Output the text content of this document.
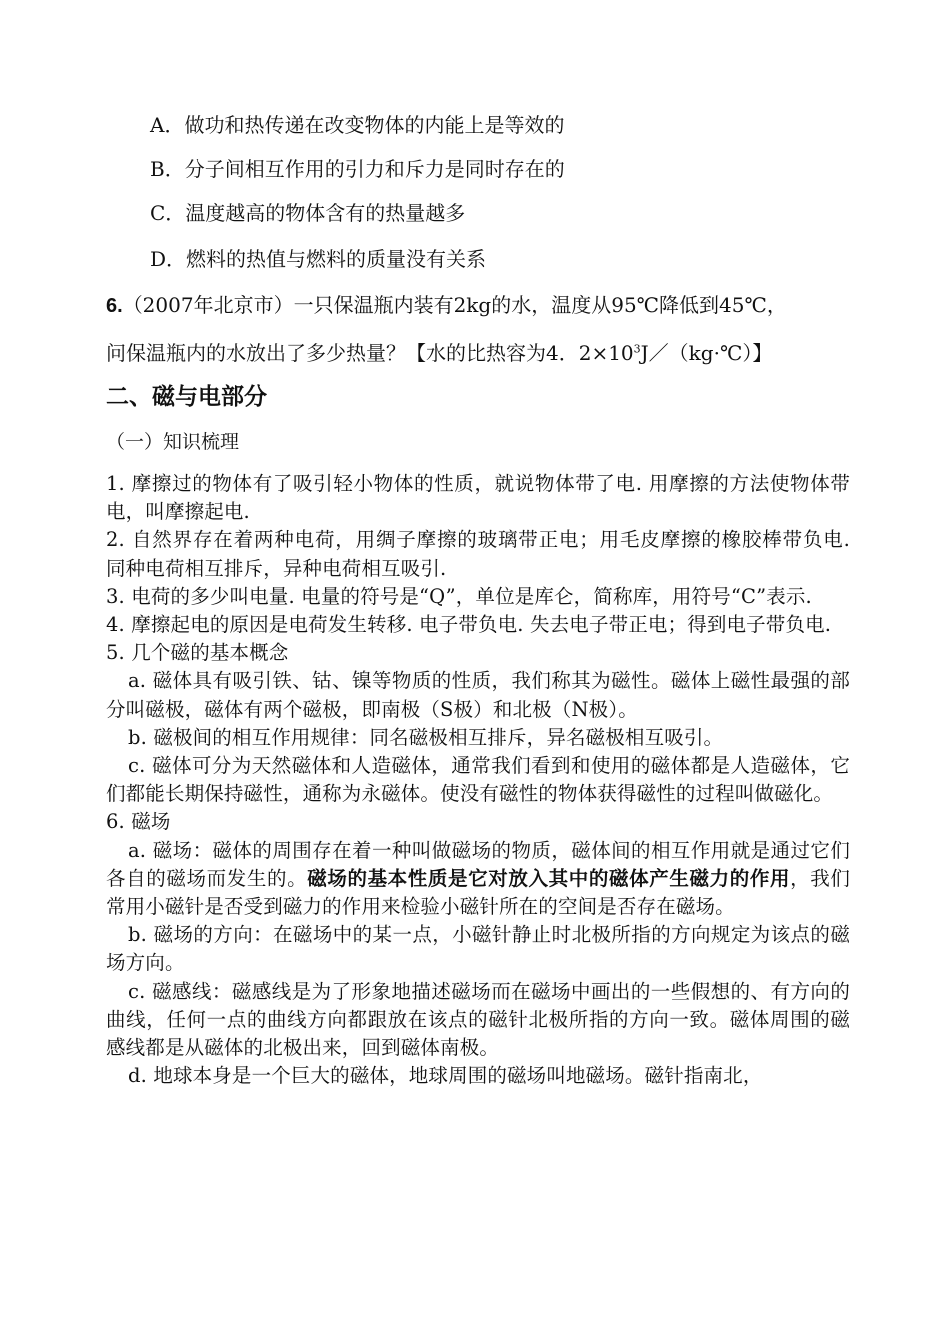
A．做功和热传递在改变物体的内能上是等效的
B．分子间相互作用的引力和斥力是同时存在的
C．温度越高的物体含有的热量越多
D．燃料的热值与燃料的质量没有关系
6.（2007年北京市）一只保温瓶内装有2kg的水，温度从95℃降低到45℃，
问保温瓶内的水放出了多少热量？【水的比热容为4．$2\times 10^3J/(kg\cdot℃)$】
二、磁与电部分
（一）知识梳理

1. 摩擦过的物体有了吸引轻小物体的性质，就说物体带了电. 用摩擦的方法使物体带电，叫摩擦起电.

2. 自然界存在着两种电荷，用绸子摩擦的玻璃带正电；用毛皮摩擦的橡胶棒带负电. 同种电荷相互排斥，异种电荷相互吸引.

3. 电荷的多少叫电量. 电量的符号是“Q”，单位是库仑，简称库，用符号“C”表示.

4. 摩擦起电的原因是电荷发生转移. 电子带负电. 失去电子带正电；得到电子带负电.

5. 几个磁的基本概念

a. 磁体具有吸引铁、钴、镍等物质的性质，我们称其为磁性。磁体上磁性最强的部分叫磁极，磁体有两个磁极，即南极（S极）和北极（N极）。

b. 磁极间的相互作用规律：同名磁极相互排斥，异名磁极相互吸引。

c. 磁体可分为天然磁体和人造磁体，通常我们看到和使用的磁体都是人造磁体，它们都能长期保持磁性，通称为永磁体。使没有磁性的物体获得磁性的过程叫做磁化。

6. 磁场

a. 磁场：磁体的周围存在着一种叫做磁场的物质，磁体间的相互作用就是通过它们各自的磁场而发生的。磁场的基本性质是它对放入其中的磁体产生磁力的作用，我们常用小磁针是否受到磁力的作用来检验小磁针所在的空间是否存在磁场。

b. 磁场的方向：在磁场中的某一点，小磁针静止时北极所指的方向规定为该点的磁场方向。

c. 磁感线：磁感线是为了形象地描述磁场而在磁场中画出的一些假想的、有方向的曲线，任何一点的曲线方向都跟放在该点的磁针北极所指的方向一致。磁体周围的磁感线都是从磁体的北极出来，回到磁体南极。

d. 地球本身是一个巨大的磁体，地球周围的磁场叫地磁场。磁针指南北，
